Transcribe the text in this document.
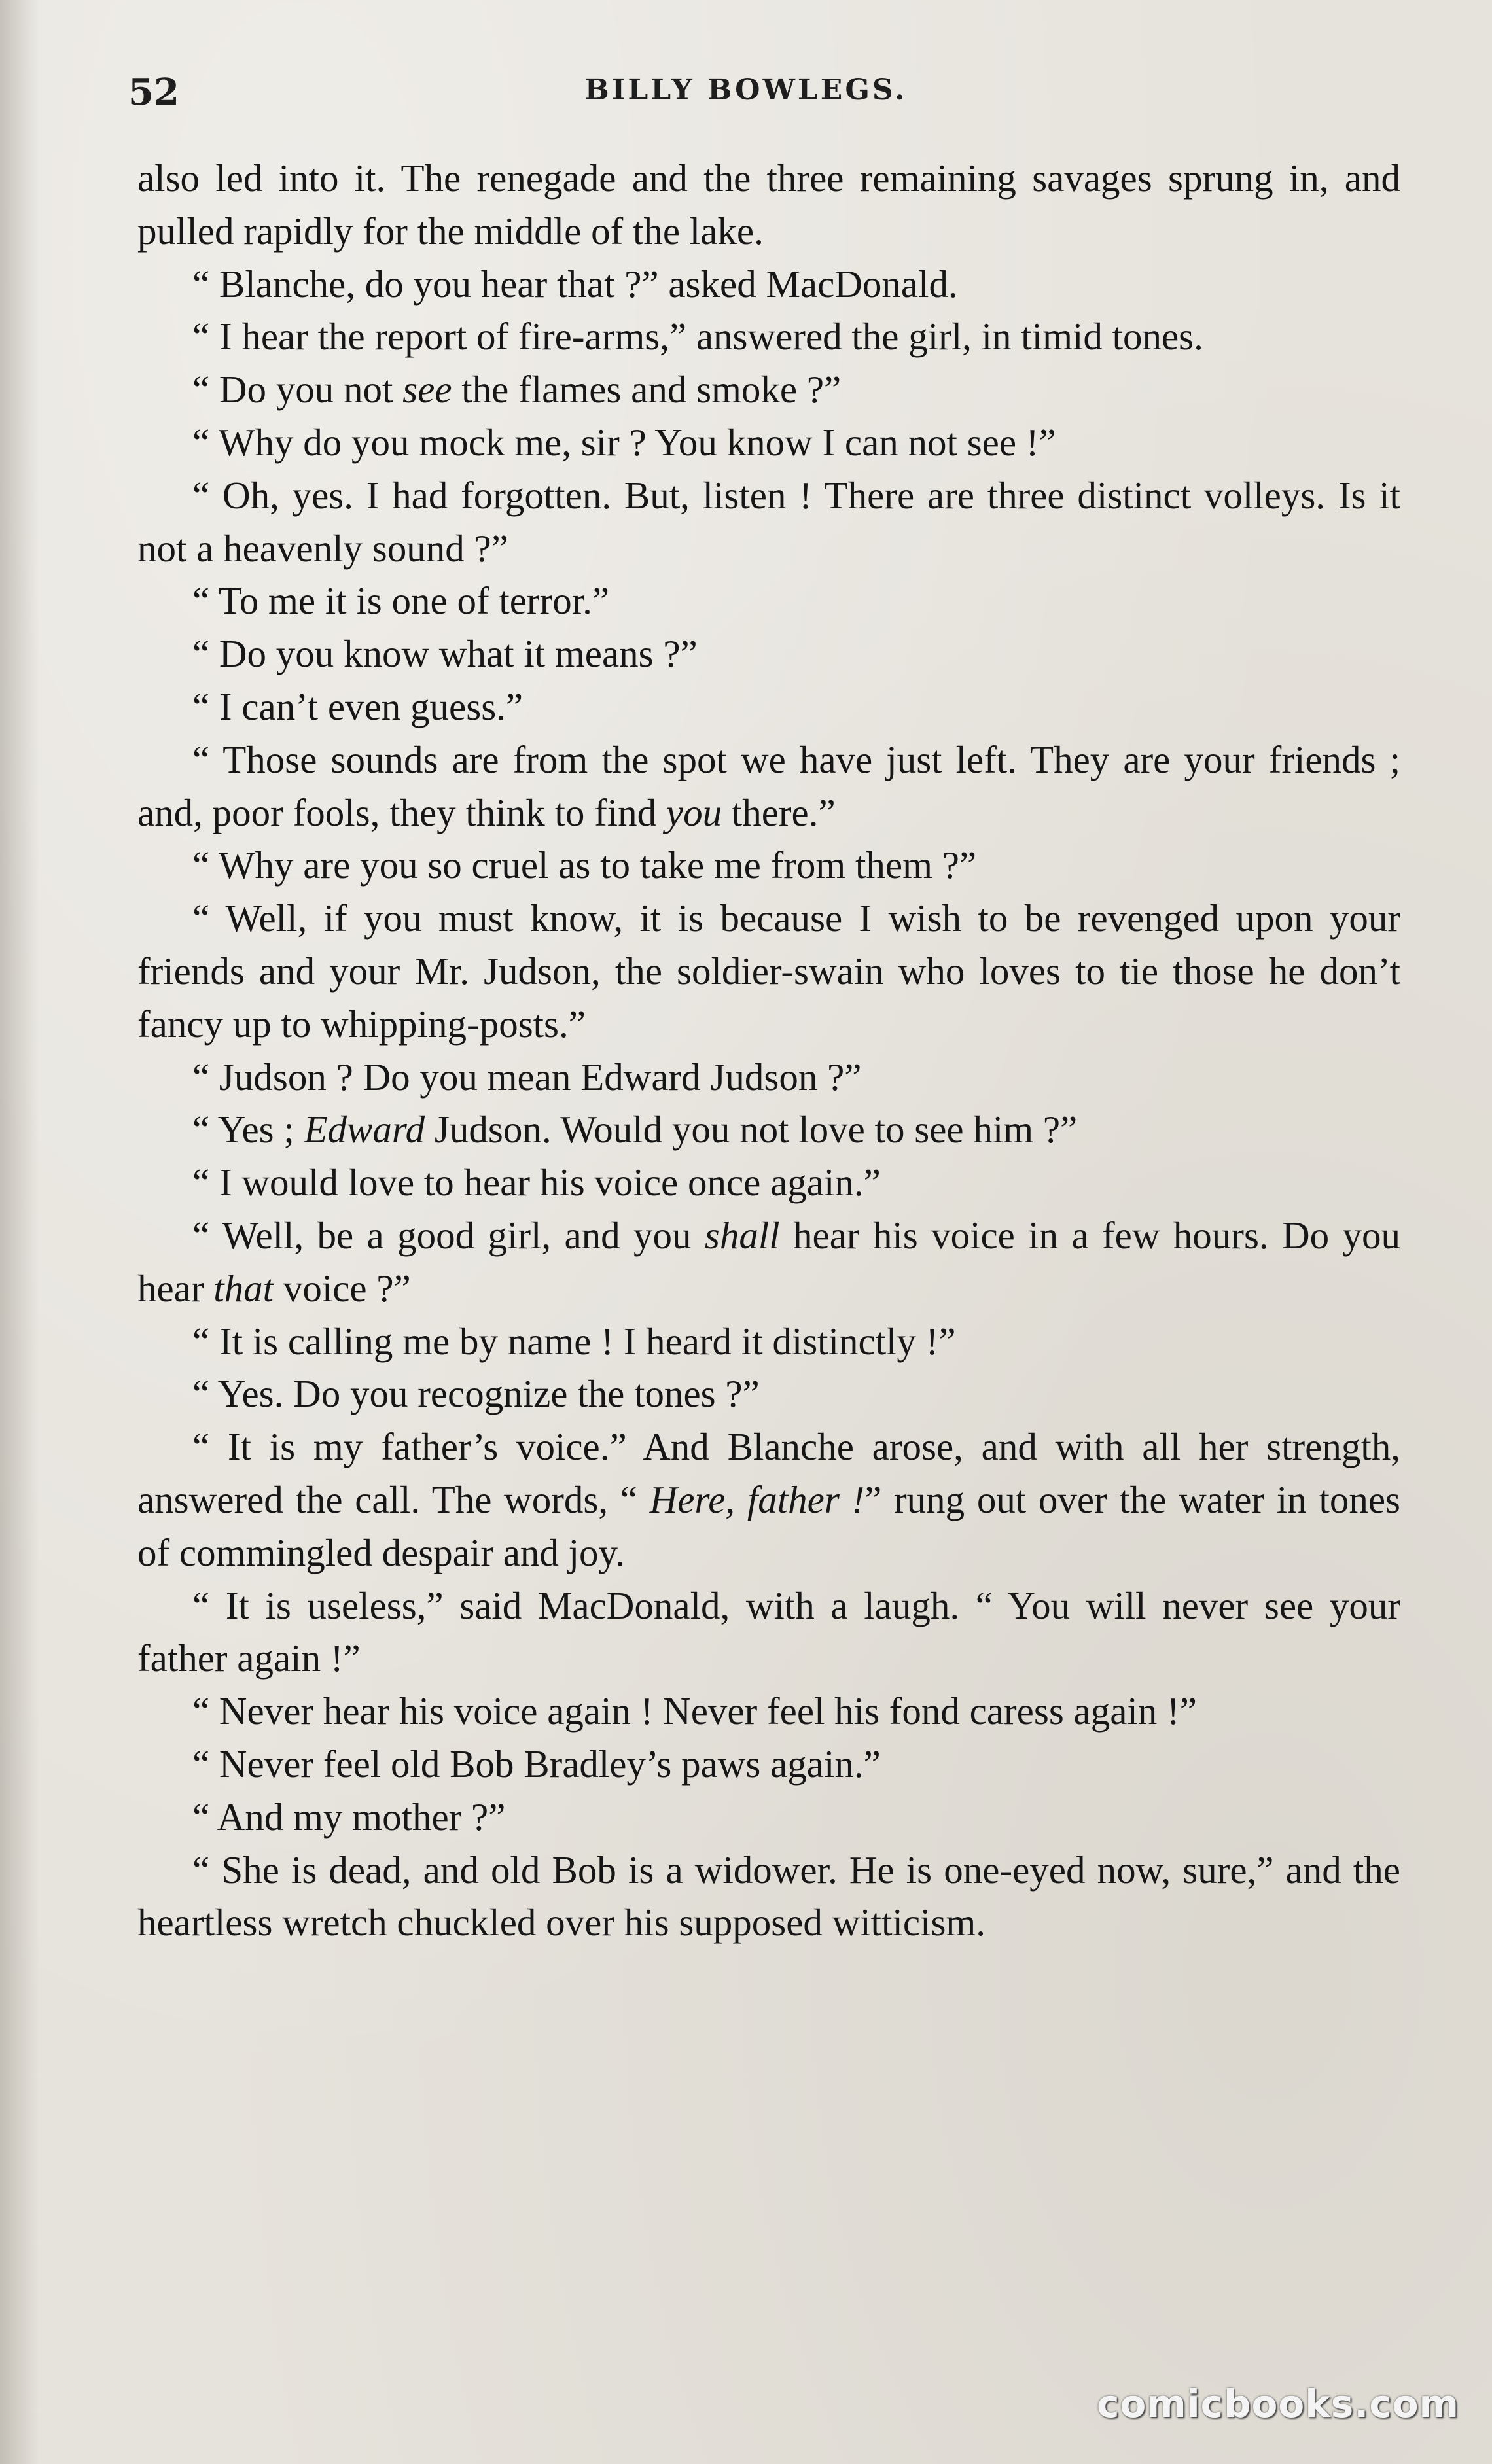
52	BILLY BOWLEGS.

also led into it. The renegade and the three remaining savages sprung in, and pulled rapidly for the middle of the lake.

“ Blanche, do you hear that ?” asked MacDonald.

“ I hear the report of fire-arms,” answered the girl, in timid tones.

“ Do you not see the flames and smoke ?”

“ Why do you mock me, sir ? You know I can not see !”

“ Oh, yes. I had forgotten. But, listen ! There are three distinct volleys. Is it not a heavenly sound ?”

“ To me it is one of terror.”

“ Do you know what it means ?”

“ I can’t even guess.”

“ Those sounds are from the spot we have just left. They are your friends ; and, poor fools, they think to find you there.”

“ Why are you so cruel as to take me from them ?”

“ Well, if you must know, it is because I wish to be revenged upon your friends and your Mr. Judson, the soldier-swain who loves to tie those he don’t fancy up to whipping-posts.”

“ Judson ? Do you mean Edward Judson ?”

“ Yes ; Edward Judson. Would you not love to see him ?”

“ I would love to hear his voice once again.”

“ Well, be a good girl, and you shall hear his voice in a few hours. Do you hear that voice ?”

“ It is calling me by name ! I heard it distinctly !”

“ Yes. Do you recognize the tones ?”

“ It is my father’s voice.” And Blanche arose, and with all her strength, answered the call. The words, “ Here, father !” rung out over the water in tones of commingled despair and joy.

“ It is useless,” said MacDonald, with a laugh. “ You will never see your father again !”

“ Never hear his voice again ! Never feel his fond caress again !”

“ Never feel old Bob Bradley’s paws again.”

“ And my mother ?”

“ She is dead, and old Bob is a widower. He is one-eyed now, sure,” and the heartless wretch chuckled over his supposed witticism.

comicbooks.com
